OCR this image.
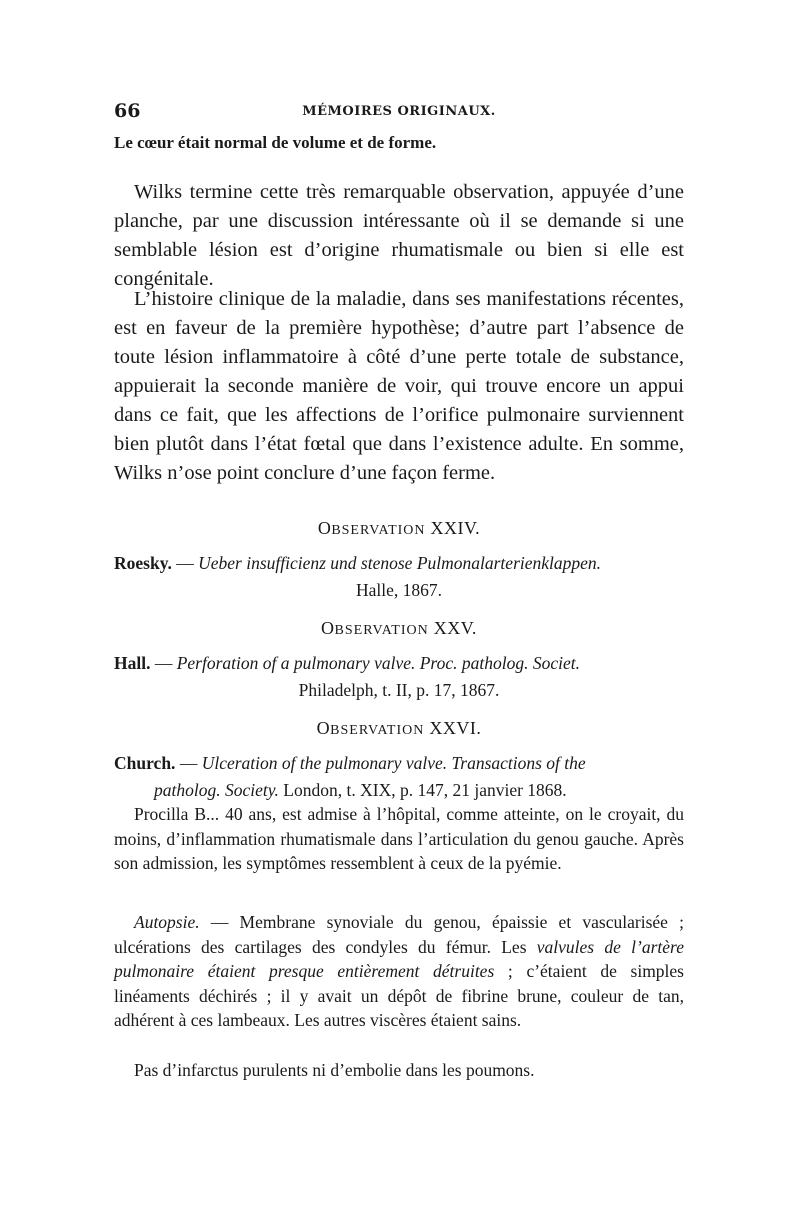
66	MÉMOIRES ORIGINAUX.
Le cœur était normal de volume et de forme.

Wilks termine cette très remarquable observation, appuyée d’une planche, par une discussion intéressante où il se demande si une semblable lésion est d’origine rhumatismale ou bien si elle est congénitale.

L’histoire clinique de la maladie, dans ses manifestations récentes, est en faveur de la première hypothèse; d’autre part l’absence de toute lésion inflammatoire à côté d’une perte totale de substance, appuierait la seconde manière de voir, qui trouve encore un appui dans ce fait, que les affections de l’orifice pulmonaire surviennent bien plutôt dans l’état fœtal que dans l’existence adulte. En somme, Wilks n’ose point conclure d’une façon ferme.

OBSERVATION XXIV.
Roesky. — Ueber insufficienz und stenose Pulmonalarterienklappen.
Halle, 1867.
OBSERVATION XXV.
Hall. — Perforation of a pulmonary valve. Proc. patholog. Societ.
Philadelph, t. II, p. 17, 1867.
OBSERVATION XXVI.
Church. — Ulceration of the pulmonary valve. Transactions of the
patholog. Society. London, t. XIX, p. 147, 21 janvier 1868.

Procilla B... 40 ans, est admise à l’hôpital, comme atteinte, on le croyait, du moins, d’inflammation rhumatismale dans l’articulation du genou gauche. Après son admission, les symptômes ressemblent à ceux de la pyémie.

Autopsie. — Membrane synoviale du genou, épaissie et vascularisée ; ulcérations des cartilages des condyles du fémur. Les valvules de l’artère pulmonaire étaient presque entièrement détruites ; c’étaient de simples linéaments déchirés ; il y avait un dépôt de fibrine brune, couleur de tan, adhérent à ces lambeaux. Les autres viscères étaient sains.

Pas d’infarctus purulents ni d’embolie dans les poumons.
